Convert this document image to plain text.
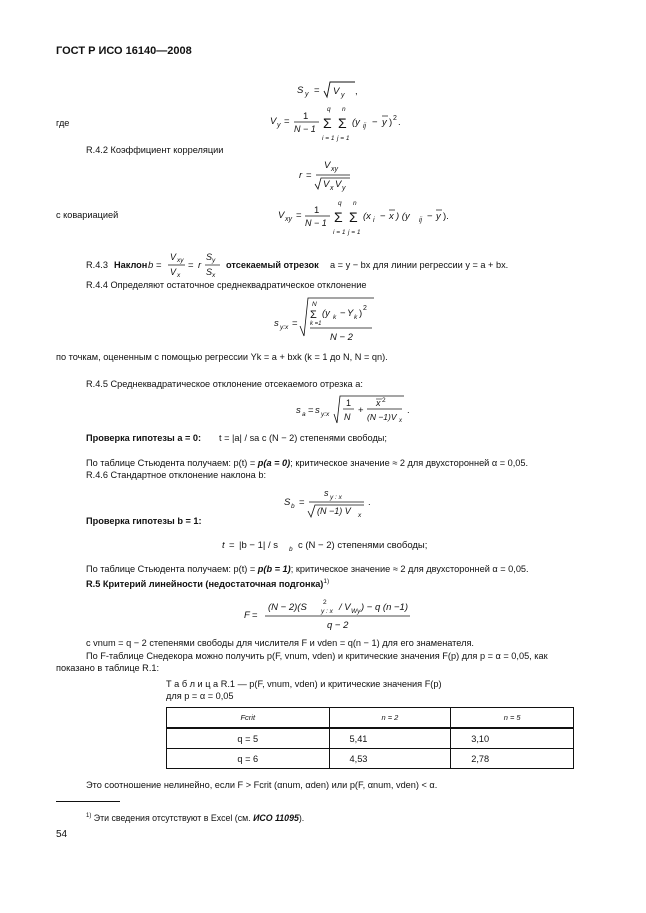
ГОСТ Р ИСО 16140—2008
S y = V y ,
где	V y = 1
N − 1
q
i = 1
Σ
n
j = 1
Σ (y ij − y ) 2 .
R.4.2 Коэффициент корреляции
r =
V xy
V x V y
с ковариацией	V xy = 1
N − 1
q
i = 1
Σ
n
j = 1
Σ (x i − x ) (y ij − y ).
R.4.3 Наклон b =
V xy
V x
= r
S y
S x
отсекаемый отрезок a = y − bx для линии регрессии y = a + bx.
R.4.4 Определяют остаточное среднеквадратическое отклонение
s y:x =
N
Σ
k =1
(y k − Y k ) 2
N − 2
по точкам, оцененным с помощью регрессии Yk = a + bxk (k = 1 до N, N = qn).
R.4.5 Среднеквадратическое отклонение отсекаемого отрезка a:
s a = s y:x
1
N
+
x 2
(N −1)V x
.
Проверка гипотезы a = 0: t = |a| / sa с (N − 2) степенями свободы;
По таблице Стьюдента получаем: p(t) = p(a = 0); критическое значение ≈ 2 для двухсторонней α = 0,05.
R.4.6 Стандартное отклонение наклона b:
S b =
s y : x
(N −1) V x
.
Проверка гипотезы b = 1:
t = |b − 1| / s b с (N − 2) степенями свободы;
По таблице Стьюдента получаем: p(t) = p(b = 1); критическое значение ≈ 2 для двухсторонней α = 0,05.
R.5 Критерий линейности (недостаточная подгонка)$^{1)}$
F =
(N − 2)(S y : x
2 / V Wy ) − q (n −1)
q − 2
с vnum = q − 2 степенями свободы для числителя F и vden = q(n − 1) для его знаменателя.
По F-таблице Снедекора можно получить p(F, vnum, vden) и критические значения F(p) для p = α = 0,05, как
показано в таблице R.1:
Т а б л и ц а R.1 — p(F, vnum, vden) и критические значения F(p)
для p = α = 0,05
Fcrit	n = 2	n = 5
q = 5	5,41	3,10
q = 6	4,53	2,78
Это соотношение нелинейно, если F > Fcrit (αnum, αden) или p(F, αnum, vden) < α.
$^{1)}$ Эти сведения отсутствуют в Excel (см. ИСО 11095).
54
